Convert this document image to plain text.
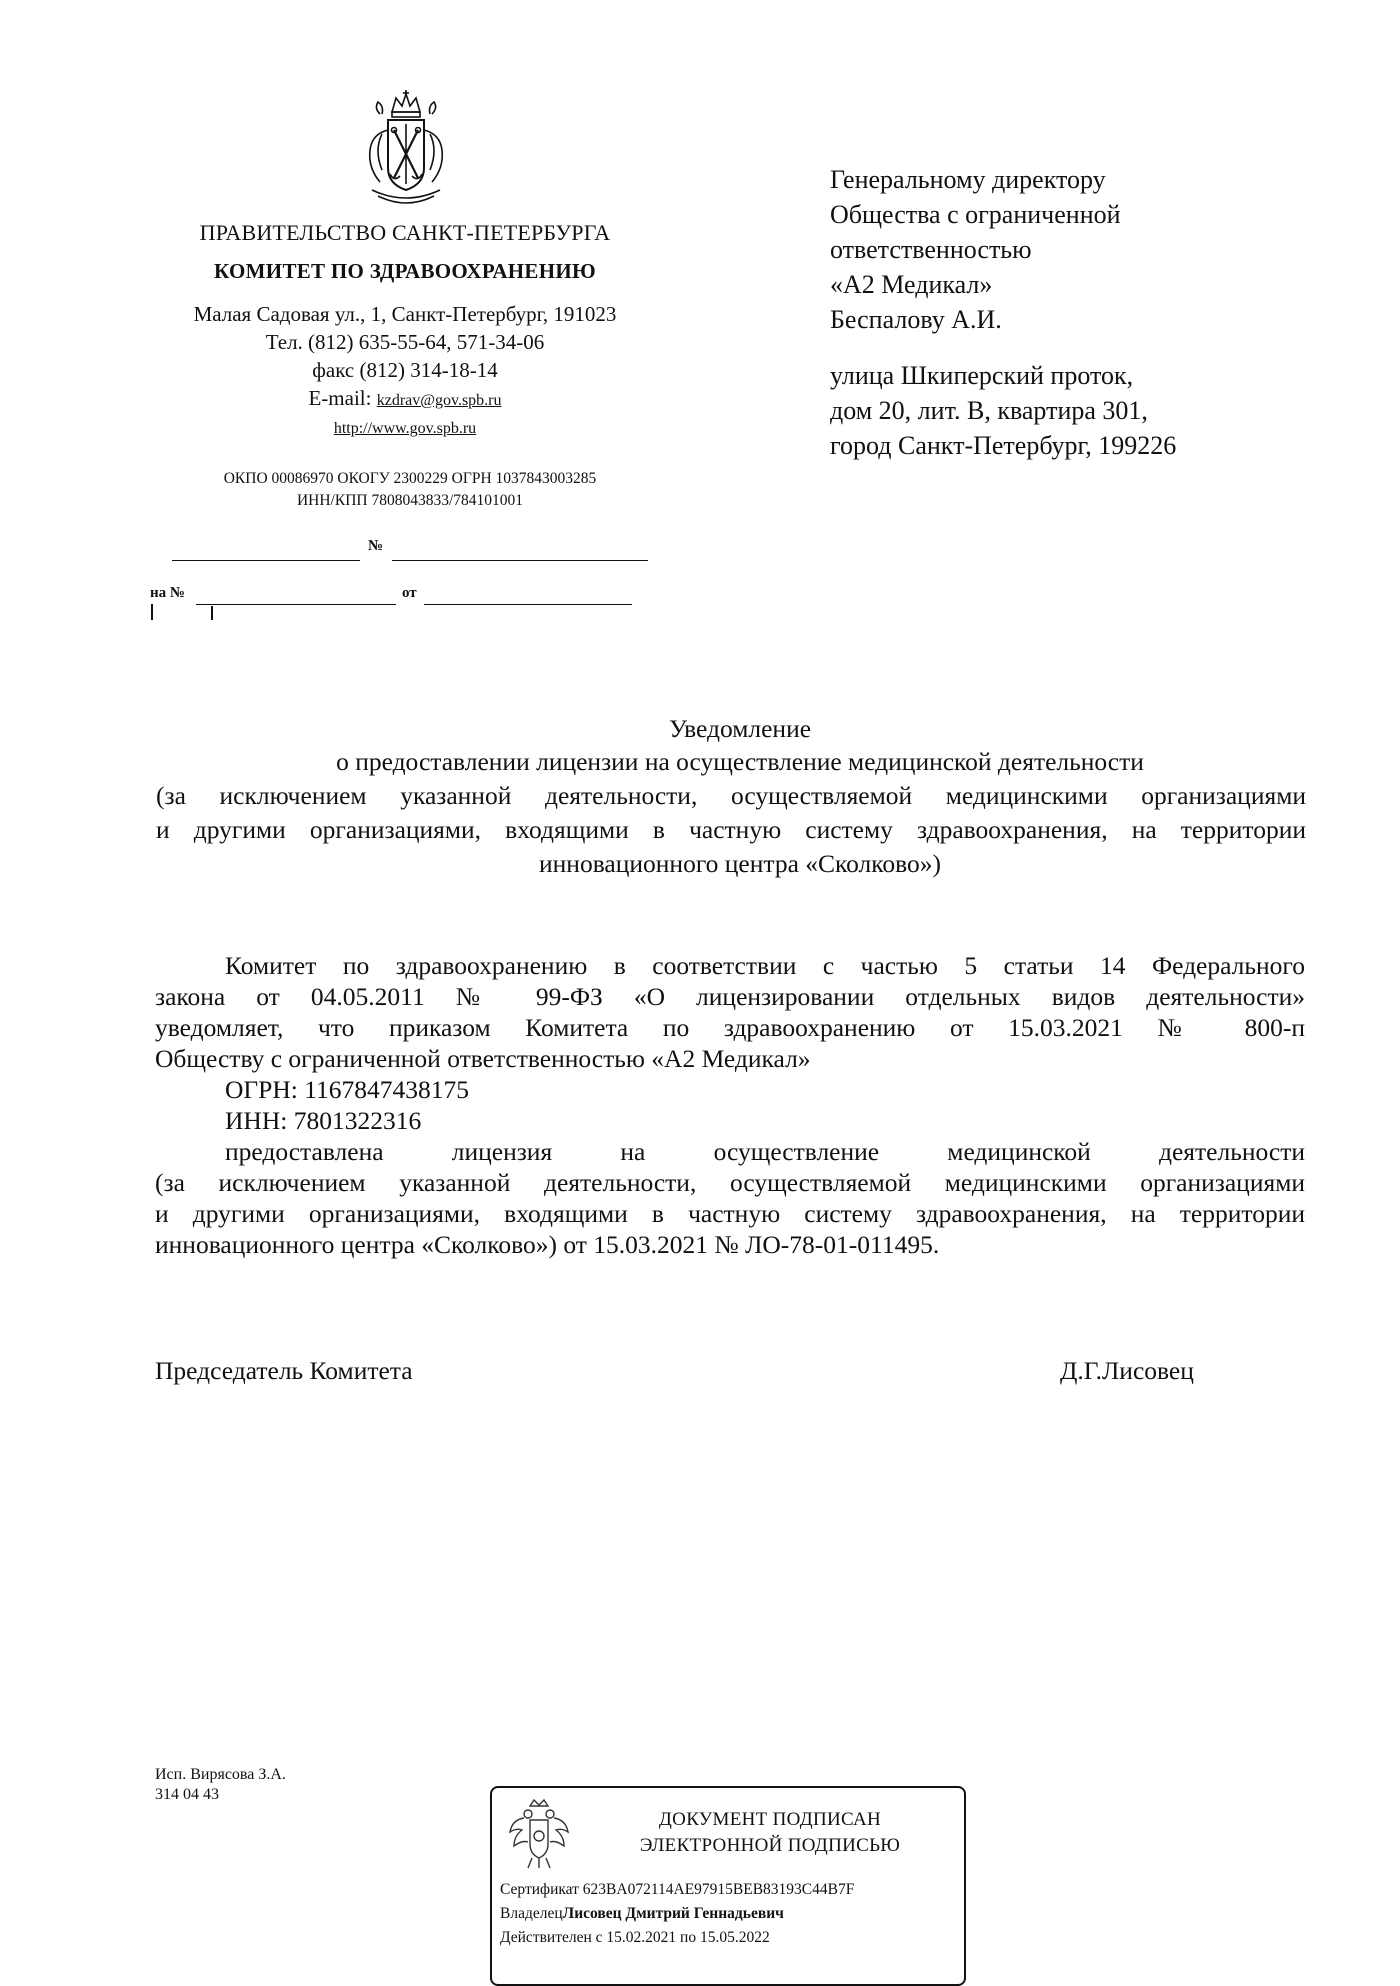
ПРАВИТЕЛЬСТВО САНКТ-ПЕТЕРБУРГА
КОМИТЕТ ПО ЗДРАВООХРАНЕНИЮ
Малая Садовая ул., 1, Санкт-Петербург, 191023
Тел. (812) 635-55-64, 571-34-06
факс (812) 314-18-14
E-mail: kzdrav@gov.spb.ru
http://www.gov.spb.ru
ОКПО 00086970 ОКОГУ 2300229 ОГРН 1037843003285
ИНН/КПП 7808043833/784101001
№
на №	от
Генеральному директору
Общества с ограниченной
ответственностью
«А2 Медикал»
Беспалову А.И.
улица Шкиперский проток,
дом 20, лит. В, квартира 301,
город Санкт-Петербург, 199226
Уведомление
о предоставлении лицензии на осуществление медицинской деятельности
(за исключением указанной деятельности, осуществляемой медицинскими организациями
и другими организациями, входящими в частную систему здравоохранения, на территории
инновационного центра «Сколково»)
Комитет по здравоохранению в соответствии с частью 5 статьи 14 Федерального
закона от 04.05.2011 № 99-ФЗ «О лицензировании отдельных видов деятельности»
уведомляет, что приказом Комитета по здравоохранению от 15.03.2021 № 800-п
Обществу с ограниченной ответственностью «А2 Медикал»
ОГРН: 1167847438175
ИНН: 7801322316
предоставлена лицензия на осуществление медицинской деятельности
(за исключением указанной деятельности, осуществляемой медицинскими организациями
и другими организациями, входящими в частную систему здравоохранения, на территории
инновационного центра «Сколково») от 15.03.2021 № ЛО-78-01-011495.
Председатель Комитета	Д.Г.Лисовец
Исп. Вирясова З.А.
314 04 43
ДОКУМЕНТ ПОДПИСАН
ЭЛЕКТРОННОЙ ПОДПИСЬЮ
Сертификат 623BA072114AE97915BEB83193C44B7F
ВладелецЛисовец Дмитрий Геннадьевич
Действителен с 15.02.2021 по 15.05.2022
